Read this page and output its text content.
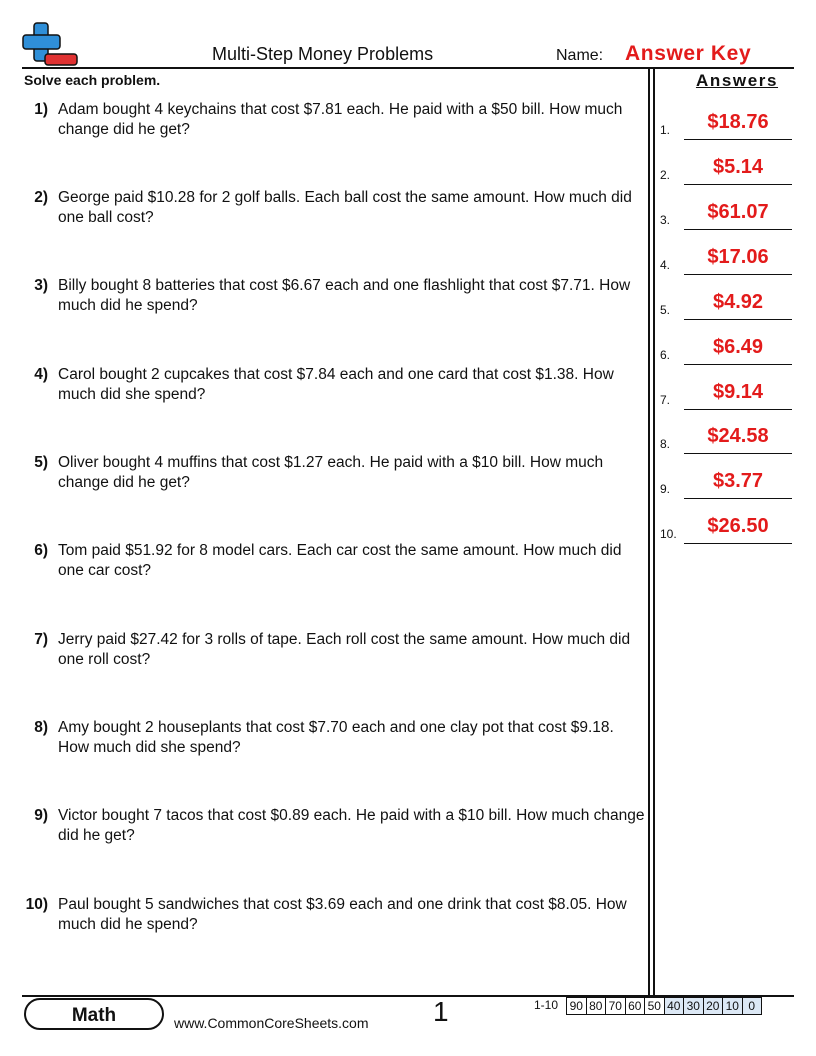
Multi-Step Money Problems	Name: Answer Key
Solve each problem.
1) Adam bought 4 keychains that cost $7.81 each. He paid with a $50 bill. How much change did he get?
2) George paid $10.28 for 2 golf balls. Each ball cost the same amount. How much did one ball cost?
3) Billy bought 8 batteries that cost $6.67 each and one flashlight that cost $7.71. How much did he spend?
4) Carol bought 2 cupcakes that cost $7.84 each and one card that cost $1.38. How much did she spend?
5) Oliver bought 4 muffins that cost $1.27 each. He paid with a $10 bill. How much change did he get?
6) Tom paid $51.92 for 8 model cars. Each car cost the same amount. How much did one car cost?
7) Jerry paid $27.42 for 3 rolls of tape. Each roll cost the same amount. How much did one roll cost?
8) Amy bought 2 houseplants that cost $7.70 each and one clay pot that cost $9.18. How much did she spend?
9) Victor bought 7 tacos that cost $0.89 each. He paid with a $10 bill. How much change did he get?
10) Paul bought 5 sandwiches that cost $3.69 each and one drink that cost $8.05. How much did he spend?
Answers
1.	$18.76
2.	$5.14
3.	$61.07
4.	$17.06
5.	$4.92
6.	$6.49
7.	$9.14
8.	$24.58
9.	$3.77
10.	$26.50
Math	www.CommonCoreSheets.com 1	1-10 90 80 70 60 50 40 30 20 10 0
